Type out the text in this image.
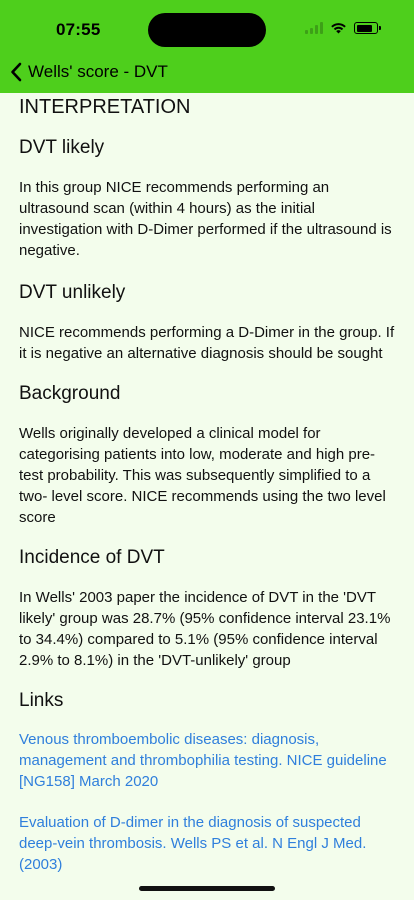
07:55
Wells' score - DVT
INTERPRETATION
DVT likely

In this group NICE recommends performing an ultrasound scan (within 4 hours) as the initial investigation with D-Dimer performed if the ultrasound is negative.

DVT unlikely

NICE recommends performing a D-Dimer in the group. If it is negative an alternative diagnosis should be sought

Background

Wells originally developed a clinical model for categorising patients into low, moderate and high pre-test probability. This was subsequently simplified to a two- level score. NICE recommends using the two level score

Incidence of DVT

In Wells' 2003 paper the incidence of DVT in the 'DVT likely' group was 28.7% (95% confidence interval 23.1% to 34.4%) compared to 5.1% (95% confidence interval 2.9% to 8.1%) in the 'DVT-unlikely' group

Links

Venous thromboembolic diseases: diagnosis, management and thrombophilia testing. NICE guideline [NG158] March 2020

Evaluation of D-dimer in the diagnosis of suspected deep-vein thrombosis. Wells PS et al. N Engl J Med. (2003)
